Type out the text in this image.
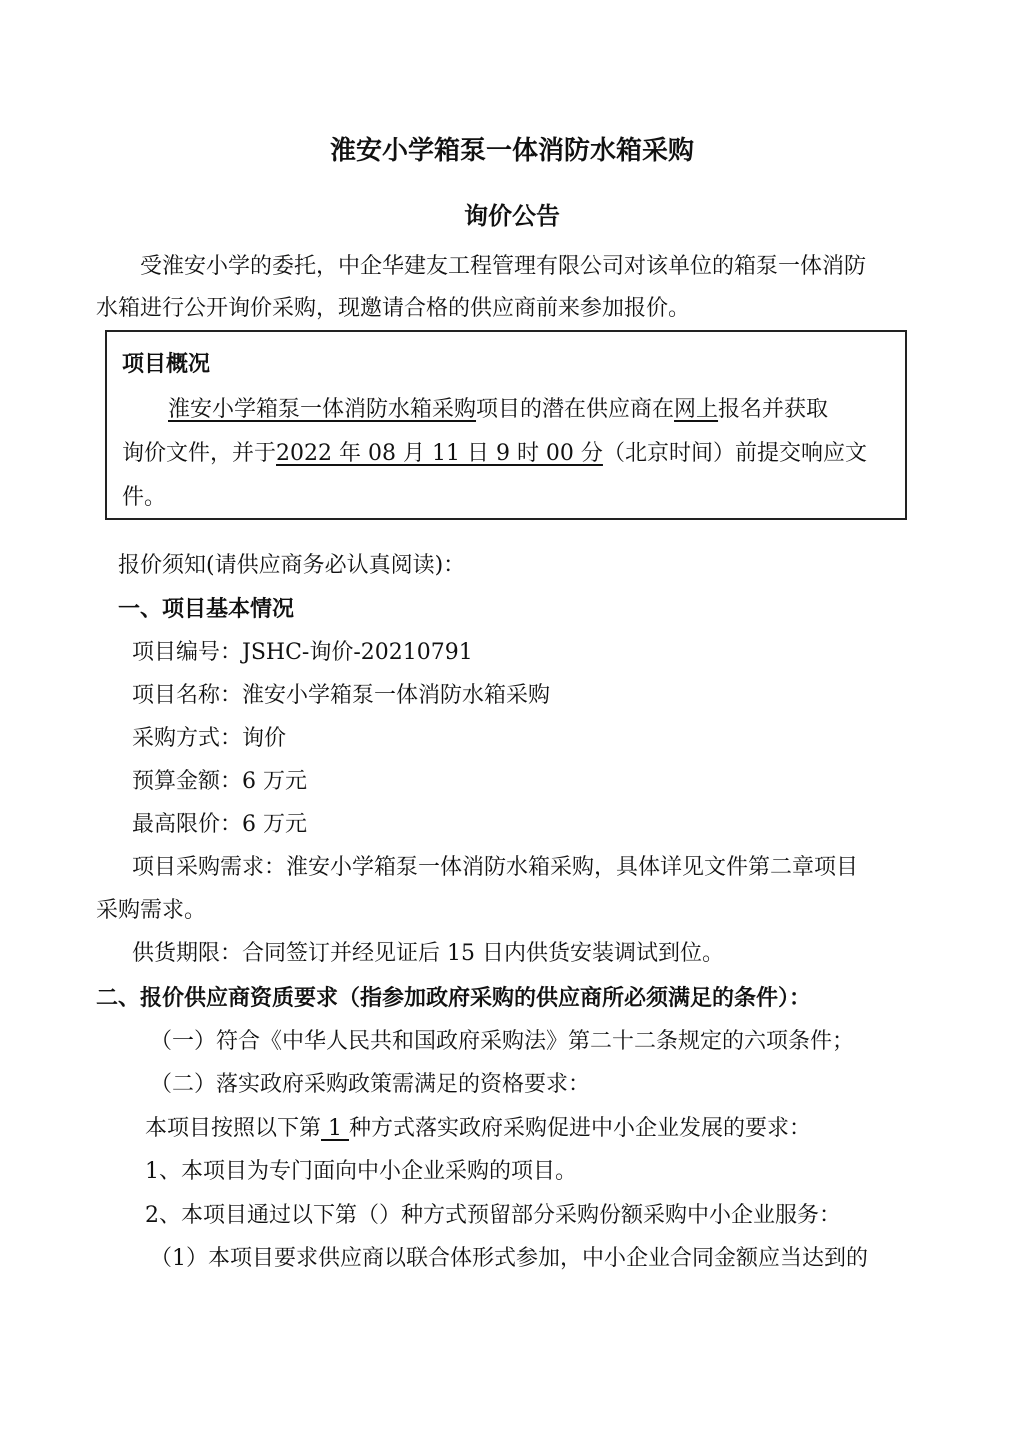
淮安小学箱泵一体消防水箱采购
询价公告
受淮安小学的委托，中企华建友工程管理有限公司对该单位的箱泵一体消防
水箱进行公开询价采购，现邀请合格的供应商前来参加报价。
项目概况
淮安小学箱泵一体消防水箱采购项目的潜在供应商在网上报名并获取
询价文件，并于2022 年 08 月 11 日 9 时 00 分（北京时间）前提交响应文
件。
报价须知(请供应商务必认真阅读)：
一、项目基本情况
项目编号：JSHC-询价-20210791
项目名称：淮安小学箱泵一体消防水箱采购
采购方式：询价
预算金额：6 万元
最高限价：6 万元
项目采购需求：淮安小学箱泵一体消防水箱采购，具体详见文件第二章项目
采购需求。
供货期限：合同签订并经见证后 15 日内供货安装调试到位。
二、报价供应商资质要求（指参加政府采购的供应商所必须满足的条件）：
（一）符合《中华人民共和国政府采购法》第二十二条规定的六项条件；
（二）落实政府采购政策需满足的资格要求：
本项目按照以下第 1 种方式落实政府采购促进中小企业发展的要求：
1、本项目为专门面向中小企业采购的项目。
2、本项目通过以下第（）种方式预留部分采购份额采购中小企业服务：
（1）本项目要求供应商以联合体形式参加，中小企业合同金额应当达到的
